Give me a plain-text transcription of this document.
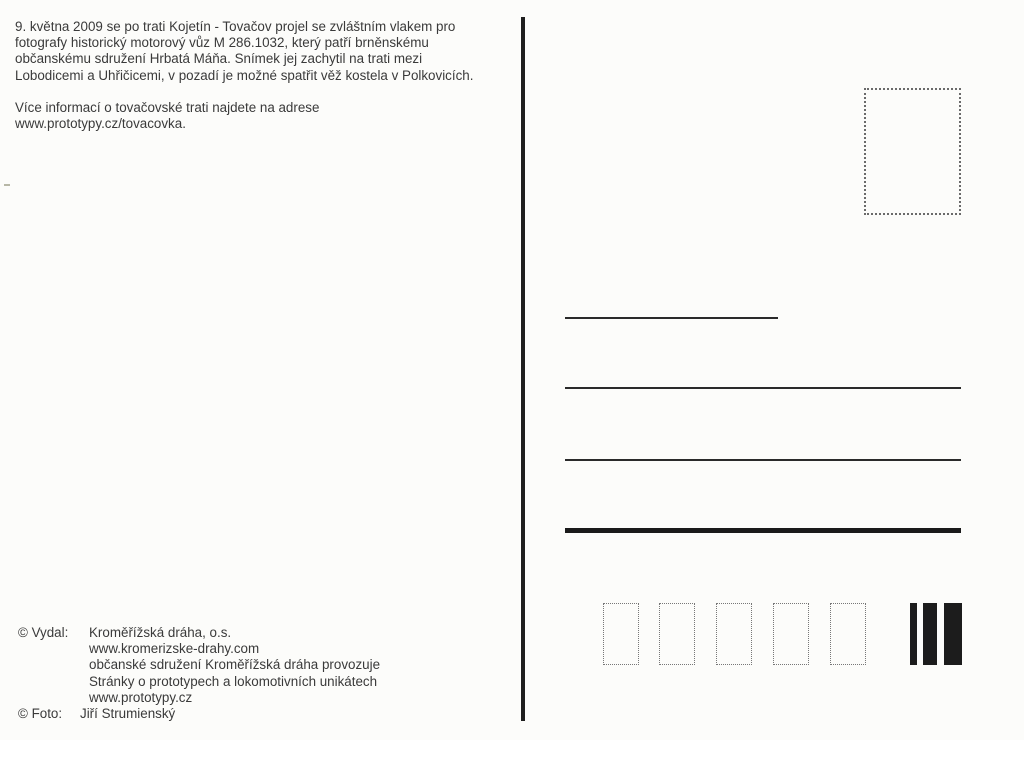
9. května 2009 se po trati Kojetín - Tovačov projel se zvláštním vlakem pro

fotografy historický motorový vůz M 286.1032, který patří brněnskému

občanskému sdružení Hrbatá Máňa. Snímek jej zachytil na trati mezi

Lobodicemi a Uhřičicemi, v pozadí je možné spatřit věž kostela v Polkovicích.

Více informací o tovačovské trati najdete na adrese

www.prototypy.cz/tovacovka.

© Vydal: Kroměřížská dráha, o.s.
www.kromerizske-drahy.com
občanské sdružení Kroměřížská dráha provozuje
Stránky o prototypech a lokomotivních unikátech
www.prototypy.cz
© Foto: Jiří Strumienský
